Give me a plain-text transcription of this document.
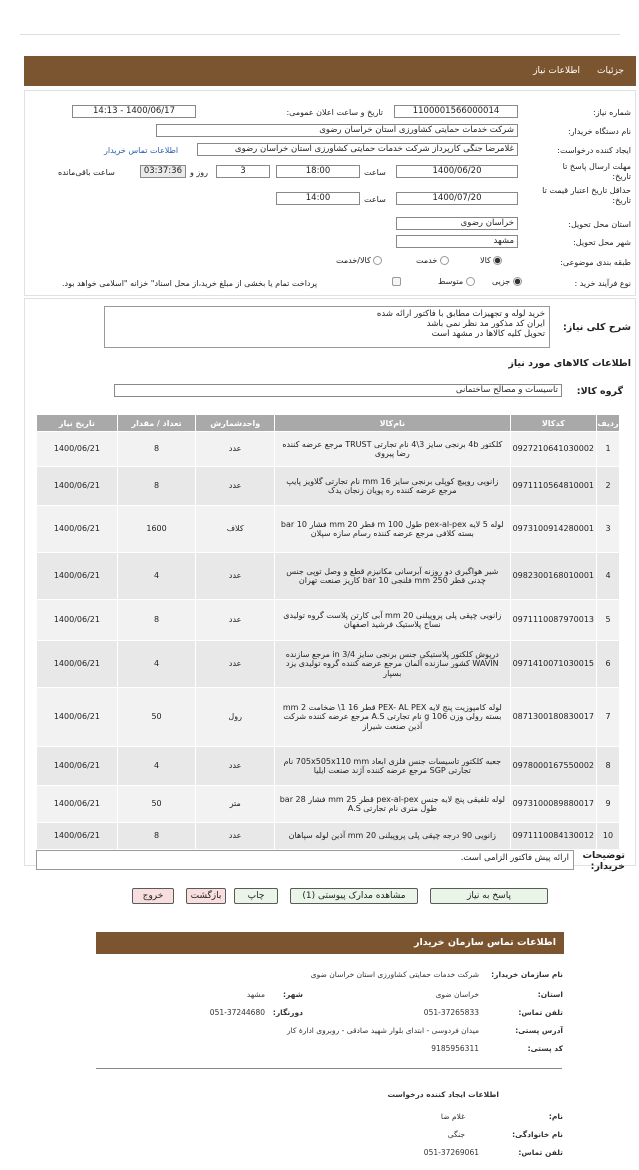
جزئیات
اطلاعات نیاز
شماره نیاز:
1100001566000014
تاریخ و ساعت اعلان عمومی:
1400/06/17 - 14:13
نام دستگاه خریدار:
شرکت خدمات حمایتی کشاورزی استان خراسان رضوی
ایجاد کننده درخواست:
غلامرضا جنگی کارپرداز شرکت خدمات حمایتی کشاورزی استان خراسان رضوی
اطلاعات تماس خریدار
مهلت ارسال پاسخ تا تاریخ:
1400/06/20
ساعت
18:00
3
روز و
03:37:36
ساعت باقی‌مانده
حداقل تاریخ اعتبار قیمت تا تاریخ:
1400/07/20
ساعت
14:00
استان محل تحویل:
خراسان رضوی
شهر محل تحویل:
مشهد
طبقه بندی موضوعی:
کالا
خدمت
کالا/خدمت
نوع فرآیند خرید :
جزیی
متوسط
پرداخت تمام یا بخشی از مبلغ خرید،از محل اسناد" خزانه "اسلامی خواهد بود.
شرح کلی نیاز:
خرید لوله و تجهیزات مطابق با فاکتور ارائه شده
ایران کد مذکور مد نظر نمی باشد
تحویل کلیه کالاها در مشهد است
اطلاعات کالاهای مورد نیاز
گروه کالا:
تاسیسات و مصالح ساختمانی
ردیف	کدکالا	نام‌کالا	واحدشمارش	تعداد / مقدار	تاریخ نیاز
1	0927210641030002	کلکتور 4b برنجی سایز 3\4 نام تجارتی TRUST مرجع عرضه کننده رضا پیروی	عدد	8	1400/06/21
2	0971110564810001	زانویی روپیچ کوپلی برنجی سایز 16 mm نام تجارتی گلاویز پایپ مرجع عرضه کننده ره پویان زنجان یدک	عدد	8	1400/06/21
3	0973100914280001	لوله 5 لایه pex-al-pex طول 100 m قطر 20 mm فشار 10 bar بسته کلافی مرجع عرضه کننده رسام سازه سپلان	کلاف	1600	1400/06/21
4	0982300168010001	شیر هواگیری دو روزنه آبرسانی مکانیزم قطع و وصل توپی جنس چدنی قطر 250 mm فلنجی 10 bar کاریز صنعت تهران	عدد	4	1400/06/21
5	0971110087970013	زانویی چپقی پلی پروپیلنی 20 mm آبی کارتن پلاست گروه تولیدی نساج پلاستیک فرشید اصفهان	عدد	8	1400/06/21
6	0971410071030015	درپوش کلکتور پلاستیکی جنس برنجی سایز 3/4 in مرجع سازنده WAVIN کشور سازنده آلمان مرجع عرضه کننده گروه تولیدی یزد بسپار	عدد	4	1400/06/21
7	0871300180830017	لوله کامپوزیت پنج لایه PEX- AL PEX قطر 16 1\ ضخامت 2 mm بسته رولی وزن 106 g نام تجارتی A.S مرجع عرضه کننده شرکت آذین صنعت شیراز	رول	50	1400/06/21
8	0978000167550002	جعبه کلکتور تاسیسات جنس فلزی ابعاد 705x505x110 mm نام تجارتی SGP مرجع عرضه کننده آژند صنعت ایلیا	عدد	4	1400/06/21
9	0973100089880017	لوله تلفیقی پنج لایه جنس pex-al-pex قطر 25 mm فشار 28 bar طول متری نام تجارتی A.S	متر	50	1400/06/21
10	0971110084130012	زانویی 90 درجه چپقی پلی پروپیلنی 20 mm آذین لوله سپاهان	عدد	8	1400/06/21
توضیحات خریدار:
ارائه پیش فاکتور الزامی است.
پاسخ به نیاز
مشاهده مدارک پیوستی (1)
چاپ
بازگشت
خروج
اطلاعات تماس سازمان خریدار
نام سازمان خریدار:
شرکت خدمات حمایتی کشاورزی استان خراسان ضوی
استان:
خراسان ضوی
شهر:
مشهد
تلفن تماس:
051-37265833
دورنگار:
051-37244680
آدرس پستی:
میدان فردوسی - ابتدای بلوار شهید صادقی - روبروی ادارۀ کار
کد پستی:
9185956311
اطلاعات ایجاد کننده درخواست
نام:
غلام ضا
نام خانوادگی:
جنگی
تلفن تماس:
051-37269061
